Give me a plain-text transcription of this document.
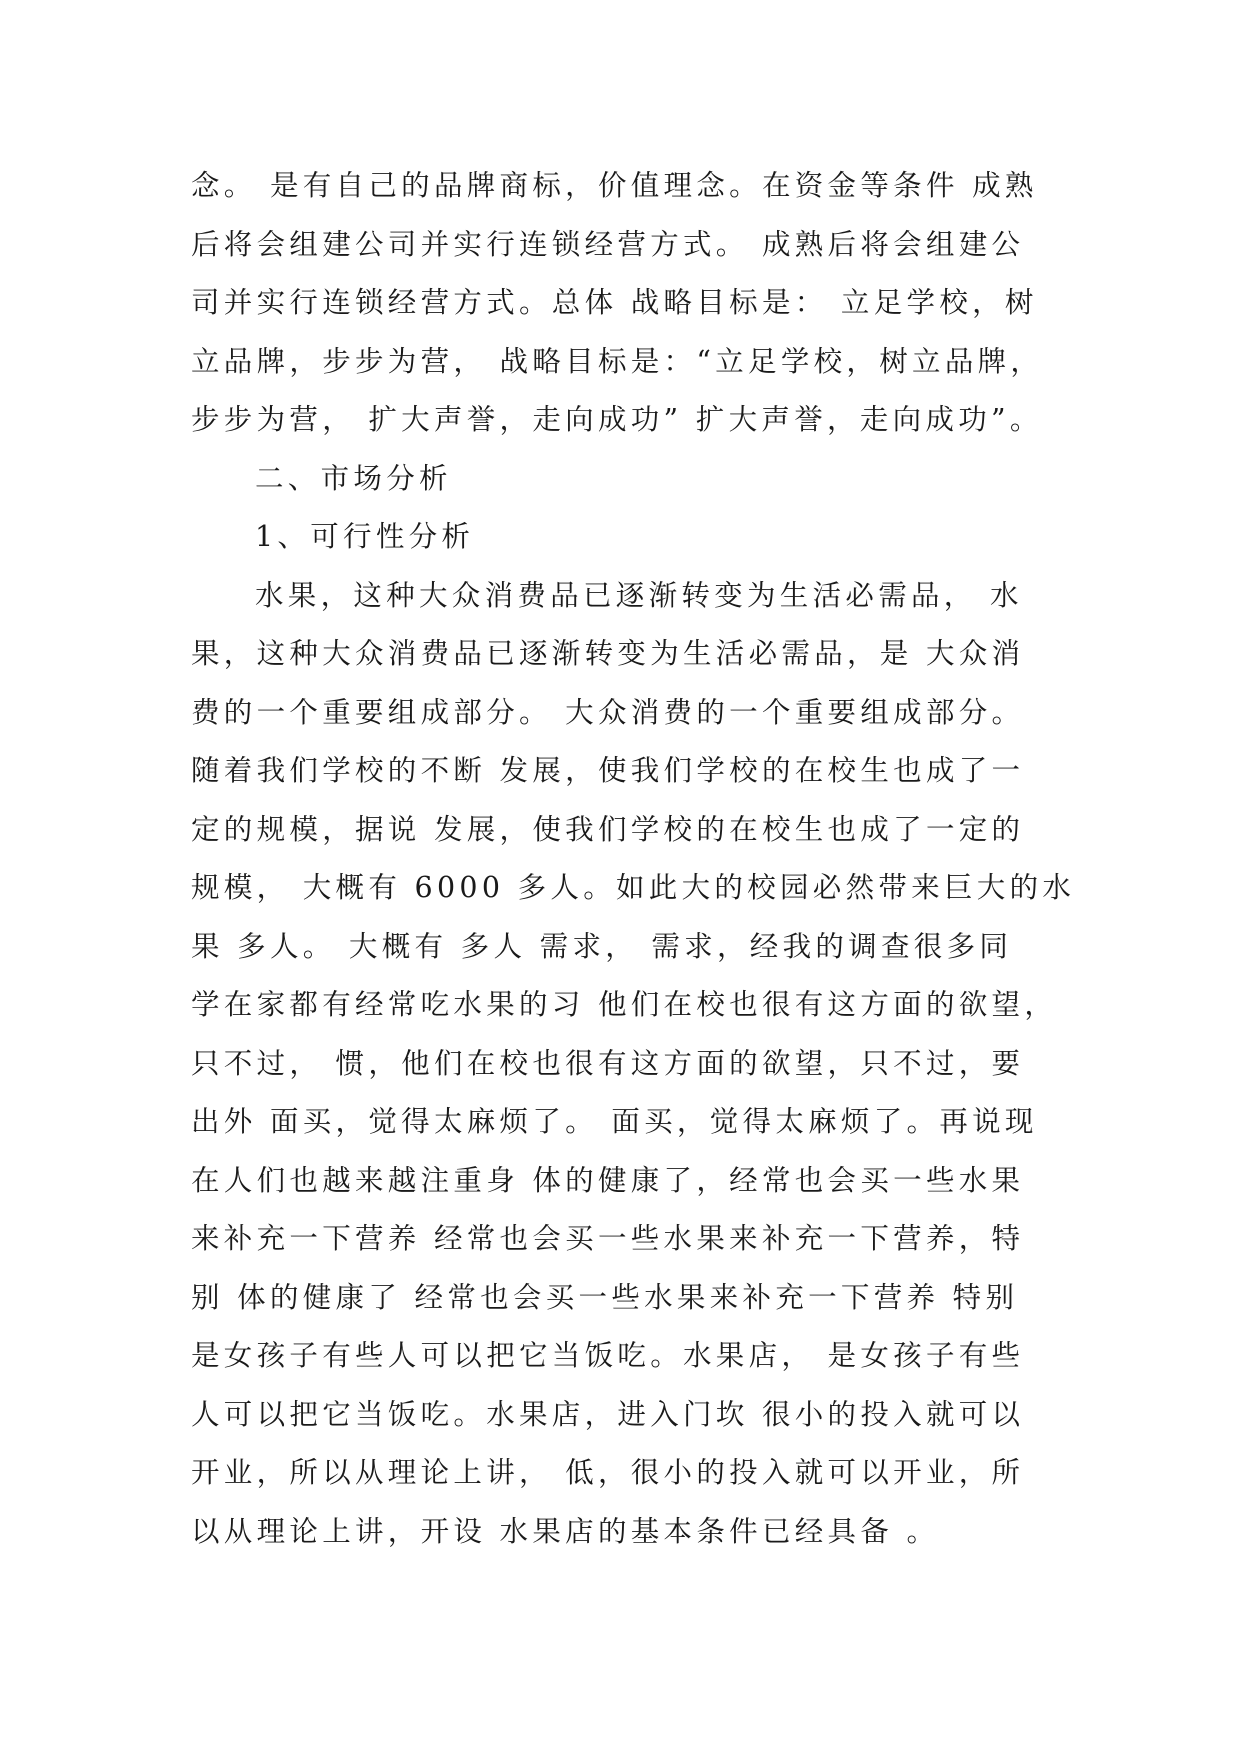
念。 是有自己的品牌商标，价值理念。在资金等条件 成熟
后将会组建公司并实行连锁经营方式。 成熟后将会组建公
司并实行连锁经营方式。总体 战略目标是： 立足学校，树
立品牌，步步为营， 战略目标是：“立足学校，树立品牌，
步步为营， 扩大声誉，走向成功” 扩大声誉，走向成功”。
二、市场分析
1、可行性分析
水果，这种大众消费品已逐渐转变为生活必需品， 水
果，这种大众消费品已逐渐转变为生活必需品，是 大众消
费的一个重要组成部分。 大众消费的一个重要组成部分。
随着我们学校的不断 发展，使我们学校的在校生也成了一
定的规模，据说 发展，使我们学校的在校生也成了一定的
规模， 大概有 6000 多人。如此大的校园必然带来巨大的水
果 多人。 大概有 多人 需求， 需求，经我的调查很多同
学在家都有经常吃水果的习 他们在校也很有这方面的欲望，
只不过， 惯，他们在校也很有这方面的欲望，只不过，要
出外 面买，觉得太麻烦了。 面买，觉得太麻烦了。再说现
在人们也越来越注重身 体的健康了，经常也会买一些水果
来补充一下营养 经常也会买一些水果来补充一下营养，特
别 体的健康了 经常也会买一些水果来补充一下营养 特别
是女孩子有些人可以把它当饭吃。水果店， 是女孩子有些
人可以把它当饭吃。水果店，进入门坎 很小的投入就可以
开业，所以从理论上讲， 低，很小的投入就可以开业，所
以从理论上讲，开设 水果店的基本条件已经具备 。
